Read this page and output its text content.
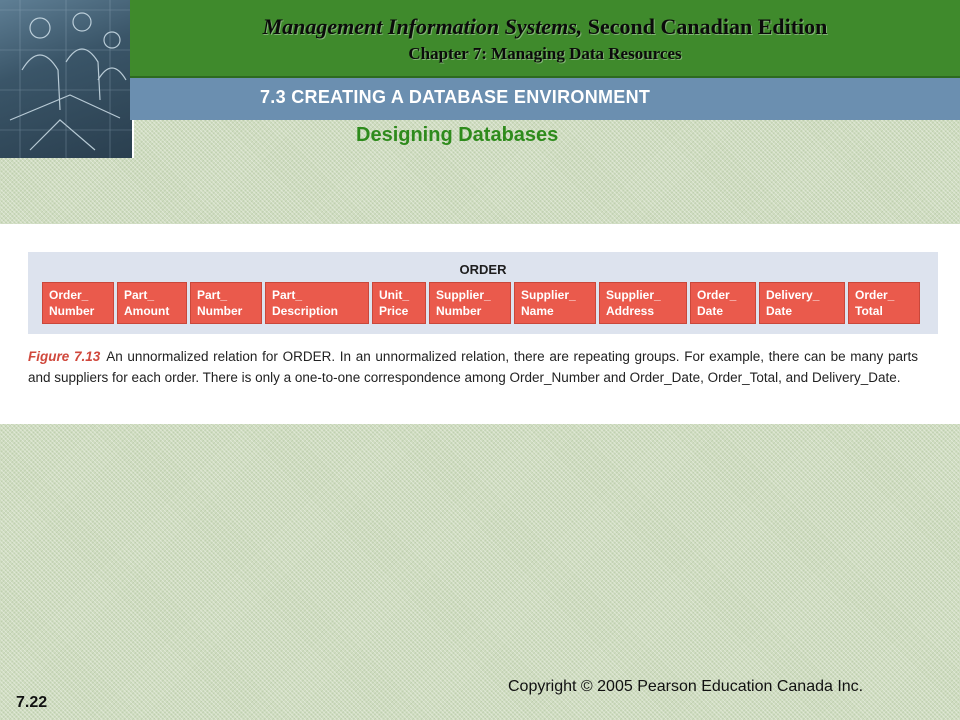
Management Information Systems, Second Canadian Edition
Chapter 7: Managing Data Resources
7.3 CREATING A DATABASE ENVIRONMENT
Designing Databases
ORDER
Order_
Number
Part_
Amount
Part_
Number
Part_
Description
Unit_
Price
Supplier_
Number
Supplier_
Name
Supplier_
Address
Order_
Date
Delivery_
Date
Order_
Total
Figure 7.13 An unnormalized relation for ORDER. In an unnormalized relation, there are repeating groups. For example, there can be many parts and suppliers for each order. There is only a one-to-one correspondence among Order_Number and Order_Date, Order_Total, and Delivery_Date.
Copyright © 2005 Pearson Education Canada Inc.
7.22
